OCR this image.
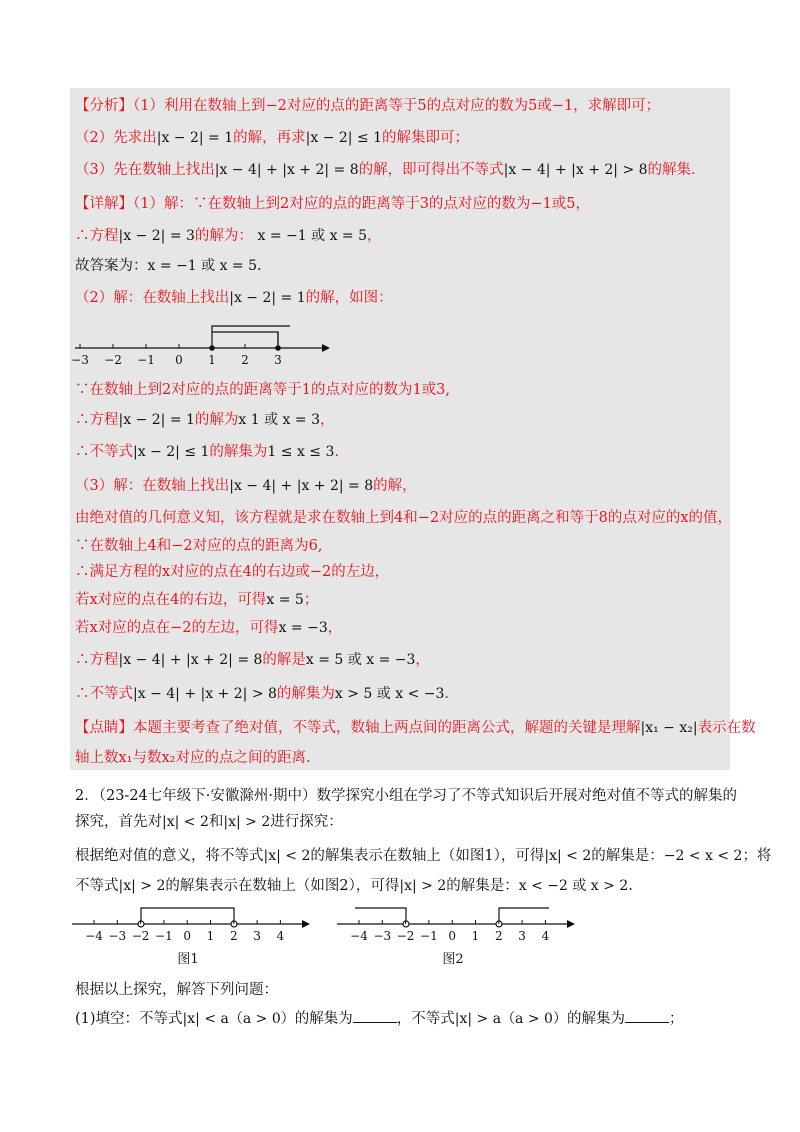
【分析】（1）利用在数轴上到−2对应的点的距离等于5的点对应的数为5或−1，求解即可；
（2）先求出|x − 2| = 1的解，再求|x − 2| ≤ 1的解集即可；
（3）先在数轴上找出|x − 4| + |x + 2| = 8的解，即可得出不等式|x − 4| + |x + 2| > 8的解集.
【详解】（1）解：∵在数轴上到2对应的点的距离等于3的点对应的数为−1或5，
∴方程|x − 2| = 3的解为： x = −1 或 x = 5，
故答案为：x = −1 或 x = 5.
（2）解：在数轴上找出|x − 2| = 1的解，如图：
−3 −2 −1 0 1 2 3
∵在数轴上到2对应的点的距离等于1的点对应的数为1或3,
∴方程|x − 2| = 1的解为x 1 或 x = 3，
∴不等式|x − 2| ≤ 1的解集为1 ≤ x ≤ 3.
（3）解：在数轴上找出|x − 4| + |x + 2| = 8的解，
由绝对值的几何意义知，该方程就是求在数轴上到4和−2对应的点的距离之和等于8的点对应的x的值，
∵在数轴上4和−2对应的点的距离为6,
∴满足方程的x对应的点在4的右边或−2的左边，
若x对应的点在4的右边，可得x = 5；
若x对应的点在−2的左边，可得x = −3，
∴方程|x − 4| + |x + 2| = 8的解是x = 5 或 x = −3，
∴不等式|x − 4| + |x + 2| > 8的解集为x > 5 或 x < −3.
【点睛】本题主要考查了绝对值，不等式，数轴上两点间的距离公式，解题的关键是理解|x₁ − x₂|表示在数
轴上数x₁与数x₂对应的点之间的距离.
2．（23-24七年级下·安徽滁州·期中）数学探究小组在学习了不等式知识后开展对绝对值不等式的解集的
探究，首先对|x| < 2和|x| > 2进行探究：
根据绝对值的意义，将不等式|x| < 2的解集表示在数轴上（如图1），可得|x| < 2的解集是：−2 < x < 2；将
不等式|x| > 2的解集表示在数轴上（如图2），可得|x| > 2的解集是：x < −2 或 x > 2.
−4 −3 −2 −1 0 1 2 3 4
图1
−4 −3 −2 −1 0 1 2 3 4
图2
根据以上探究，解答下列问题：
(1)填空：不等式|x| < a（a > 0）的解集为	，不等式|x| > a（a > 0）的解集为	；
